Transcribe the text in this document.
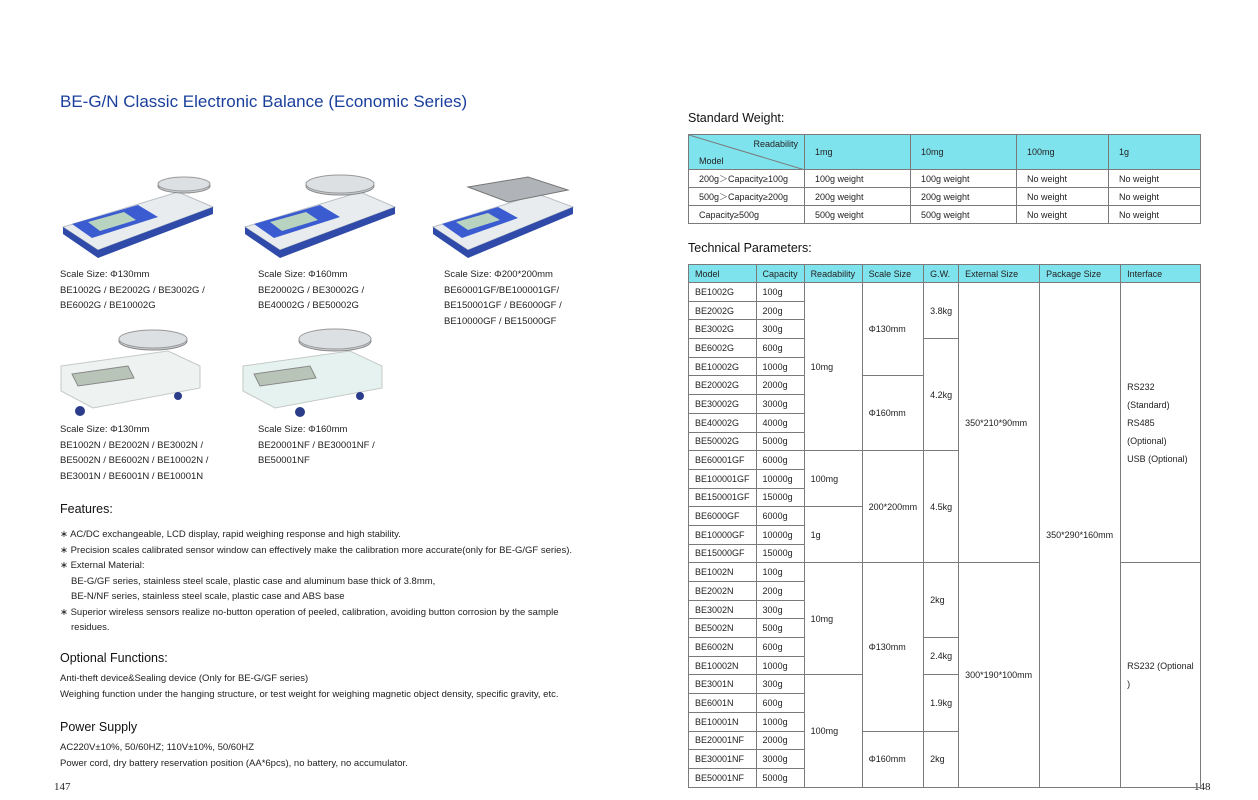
BE-G/N Classic Electronic Balance (Economic Series)
Scale Size: Φ130mm
BE1002G / BE2002G / BE3002G /
BE6002G / BE10002G
Scale Size: Φ160mm
BE20002G / BE30002G /
BE40002G / BE50002G
Scale Size: Φ200*200mm
BE60001GF/BE100001GF/
BE150001GF / BE6000GF /
BE10000GF / BE15000GF
Scale Size: Φ130mm
BE1002N / BE2002N / BE3002N /
BE5002N / BE6002N / BE10002N /
BE3001N / BE6001N / BE10001N
Scale Size: Φ160mm
BE20001NF / BE30001NF /
BE50001NF
Features:
∗ AC/DC exchangeable, LCD display, rapid weighing response and high stability.
∗ Precision scales calibrated sensor window can effectively make the calibration more accurate(only for BE-G/GF series).
∗ External Material:
BE-G/GF series, stainless steel scale, plastic case and aluminum base thick of 3.8mm,
BE-N/NF series, stainless steel scale, plastic case and ABS base
∗ Superior wireless sensors realize no-button operation of peeled, calibration, avoiding button corrosion by the sample
residues.
Optional Functions:
Anti-theft device&Sealing device (Only for BE-G/GF series)
Weighing function under the hanging structure, or test weight for weighing magnetic object density, specific gravity, etc.
Power Supply
AC220V±10%, 50/60HZ; 110V±10%, 50/60HZ
Power cord, dry battery reservation position (AA*6pcs), no battery, no accumulator.
147	148
Standard Weight:
Readability
Model	1mg	10mg	100mg	1g
200g＞Capacity≥100g	100g weight	100g weight	No weight	No weight
500g＞Capacity≥200g	200g weight	200g weight	No weight	No weight
Capacity≥500g	500g weight	500g weight	No weight	No weight
Technical Parameters:
Model	Capacity	Readability	Scale Size	G.W.	External Size	Package Size	Interface
BE1002G	100g	10mg	Φ130mm	3.8kg	350*210*90mm	350*290*160mm	RS232 (Standard)
RS485 (Optional)
USB (Optional)
BE2002G	200g						
BE3002G	300g						
BE6002G	600g			4.2kg			
BE10002G	1000g						
BE20002G	2000g		Φ160mm				
BE30002G	3000g						
BE40002G	4000g						
BE50002G	5000g						
BE60001GF	6000g	100mg	200*200mm	4.5kg			
BE100001GF	10000g						
BE150001GF	15000g						
BE6000GF	6000g	1g					
BE10000GF	10000g						
BE15000GF	15000g						
BE1002N	100g	10mg	Φ130mm	2kg	300*190*100mm		RS232 (Optional )
BE2002N	200g						
BE3002N	300g						
BE5002N	500g						
BE6002N	600g			2.4kg			
BE10002N	1000g						
BE3001N	300g	100mg		1.9kg			
BE6001N	600g						
BE10001N	1000g						
BE20001NF	2000g		Φ160mm	2kg			
BE30001NF	3000g						
BE50001NF	5000g						
